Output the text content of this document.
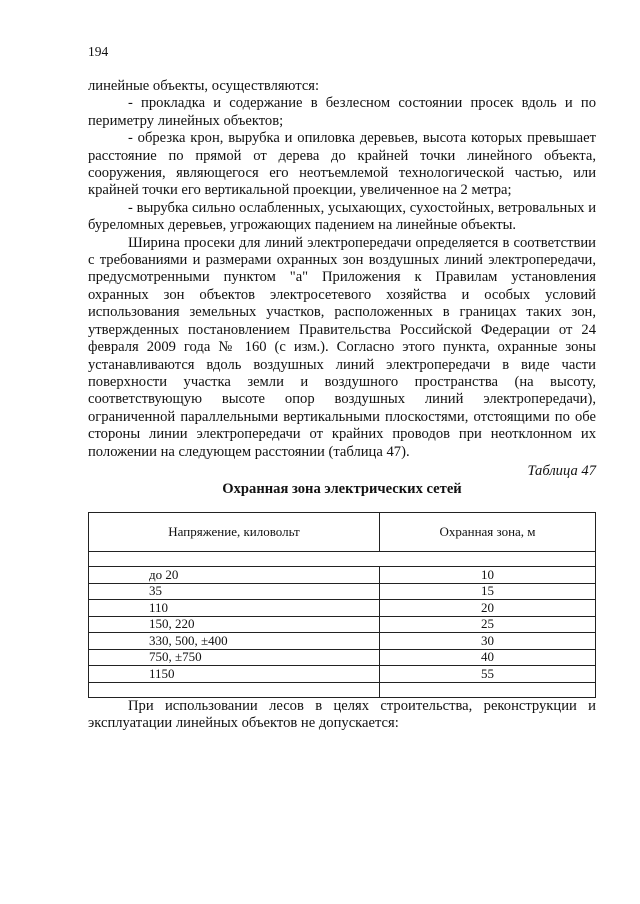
194

линейные объекты, осуществляются:

- прокладка и содержание в безлесном состоянии просек вдоль и по периметру линейных объектов;

- обрезка крон, вырубка и опиловка деревьев, высота которых превышает расстояние по прямой от дерева до крайней точки линейного объекта, сооружения, являющегося его неотъемлемой технологической частью, или крайней точки его вертикальной проекции, увеличенное на 2 метра;

- вырубка сильно ослабленных, усыхающих, сухостойных, ветровальных и буреломных деревьев, угрожающих падением на линейные объекты.

Ширина просеки для линий электропередачи определяется в соответствии с требованиями и размерами охранных зон воздушных линий электропередачи, предусмотренными пунктом "а" Приложения к Правилам установления охранных зон объектов электросетевого хозяйства и особых условий использования земельных участков, расположенных в границах таких зон, утвержденных постановлением Правительства Российской Федерации от 24 февраля 2009 года № 160 (с изм.). Согласно этого пункта, охранные зоны устанавливаются вдоль воздушных линий электропередачи в виде части поверхности участка земли и воздушного пространства (на высоту, соответствующую высоте опор воздушных линий электропередачи), ограниченной параллельными вертикальными плоскостями, отстоящими по обе стороны линии электропередачи от крайних проводов при неотклонном их положении на следующем расстоянии (таблица 47).

Таблица 47
Охранная зона электрических сетей
Напряжение, киловольт	Охранная зона, м

до 20	10
35	15
110	20
150, 220	25
330, 500, ±400	30
750, ±750	40
1150	55

При использовании лесов в целях строительства, реконструкции и эксплуатации линейных объектов не допускается:
